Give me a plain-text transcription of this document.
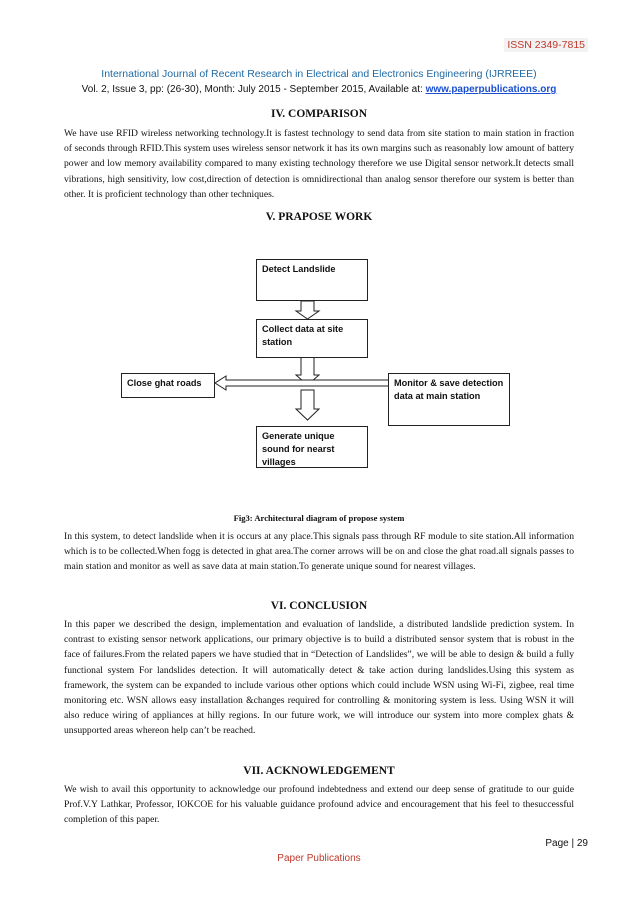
ISSN 2349-7815
International Journal of Recent Research in Electrical and Electronics Engineering (IJRREEE)
Vol. 2, Issue 3, pp: (26-30), Month: July 2015 - September 2015, Available at: www.paperpublications.org
IV. COMPARISON
We have use RFID wireless networking technology.It is fastest technology to send data from site station to main station in fraction of seconds through RFID.This system uses wireless sensor network it has its own margins such as reasonably low amount of battery power and low memory availability compared to many existing technology therefore we use Digital sensor network.It detects small vibrations, high sensitivity, low cost,direction of detection is omnidirectional than analog sensor therefore our system is better than other. It is proficient technology than other techniques.
V. PRAPOSE WORK
Detect Landslide
Collect data at site station
Close ghat roads	Monitor & save detection data at main station
Generate unique sound for nearst villages
Fig3: Architectural diagram of propose system
In this system, to detect landslide when it is occurs at any place.This signals pass through RF module to site station.All information which is to be collected.When fogg is detected in ghat area.The corner arrows will be on and close the ghat road.all signals passes to main station and monitor as well as save data at main station.To generate unique sound for nearest villages.
VI. CONCLUSION
In this paper we described the design, implementation and evaluation of landslide, a distributed landslide prediction system. In contrast to existing sensor network applications, our primary objective is to build a distributed sensor system that is robust in the face of failures.From the related papers we have studied that in “Detection of Landslides”, we will be able to design & build a fully functional system For landslides detection. It will automatically detect & take action during landslides.Using this system as framework, the system can be expanded to include various other options which could include WSN using Wi-Fi, zigbee, real time monitoring etc. WSN allows easy installation &changes required for controlling & monitoring system is less. Using WSN it will also reduce wiring of appliances at hilly regions. In our future work, we will introduce our system into more complex ghats & unsupported areas whereon help can’t be reached.
VII. ACKNOWLEDGEMENT
We wish to avail this opportunity to acknowledge our profound indebtedness and extend our deep sense of gratitude to our guide Prof.V.Y Lathkar, Professor, IOKCOE for his valuable guidance profound advice and encouragement that his feel to thesuccessful completion of this paper.
Page | 29
Paper Publications
